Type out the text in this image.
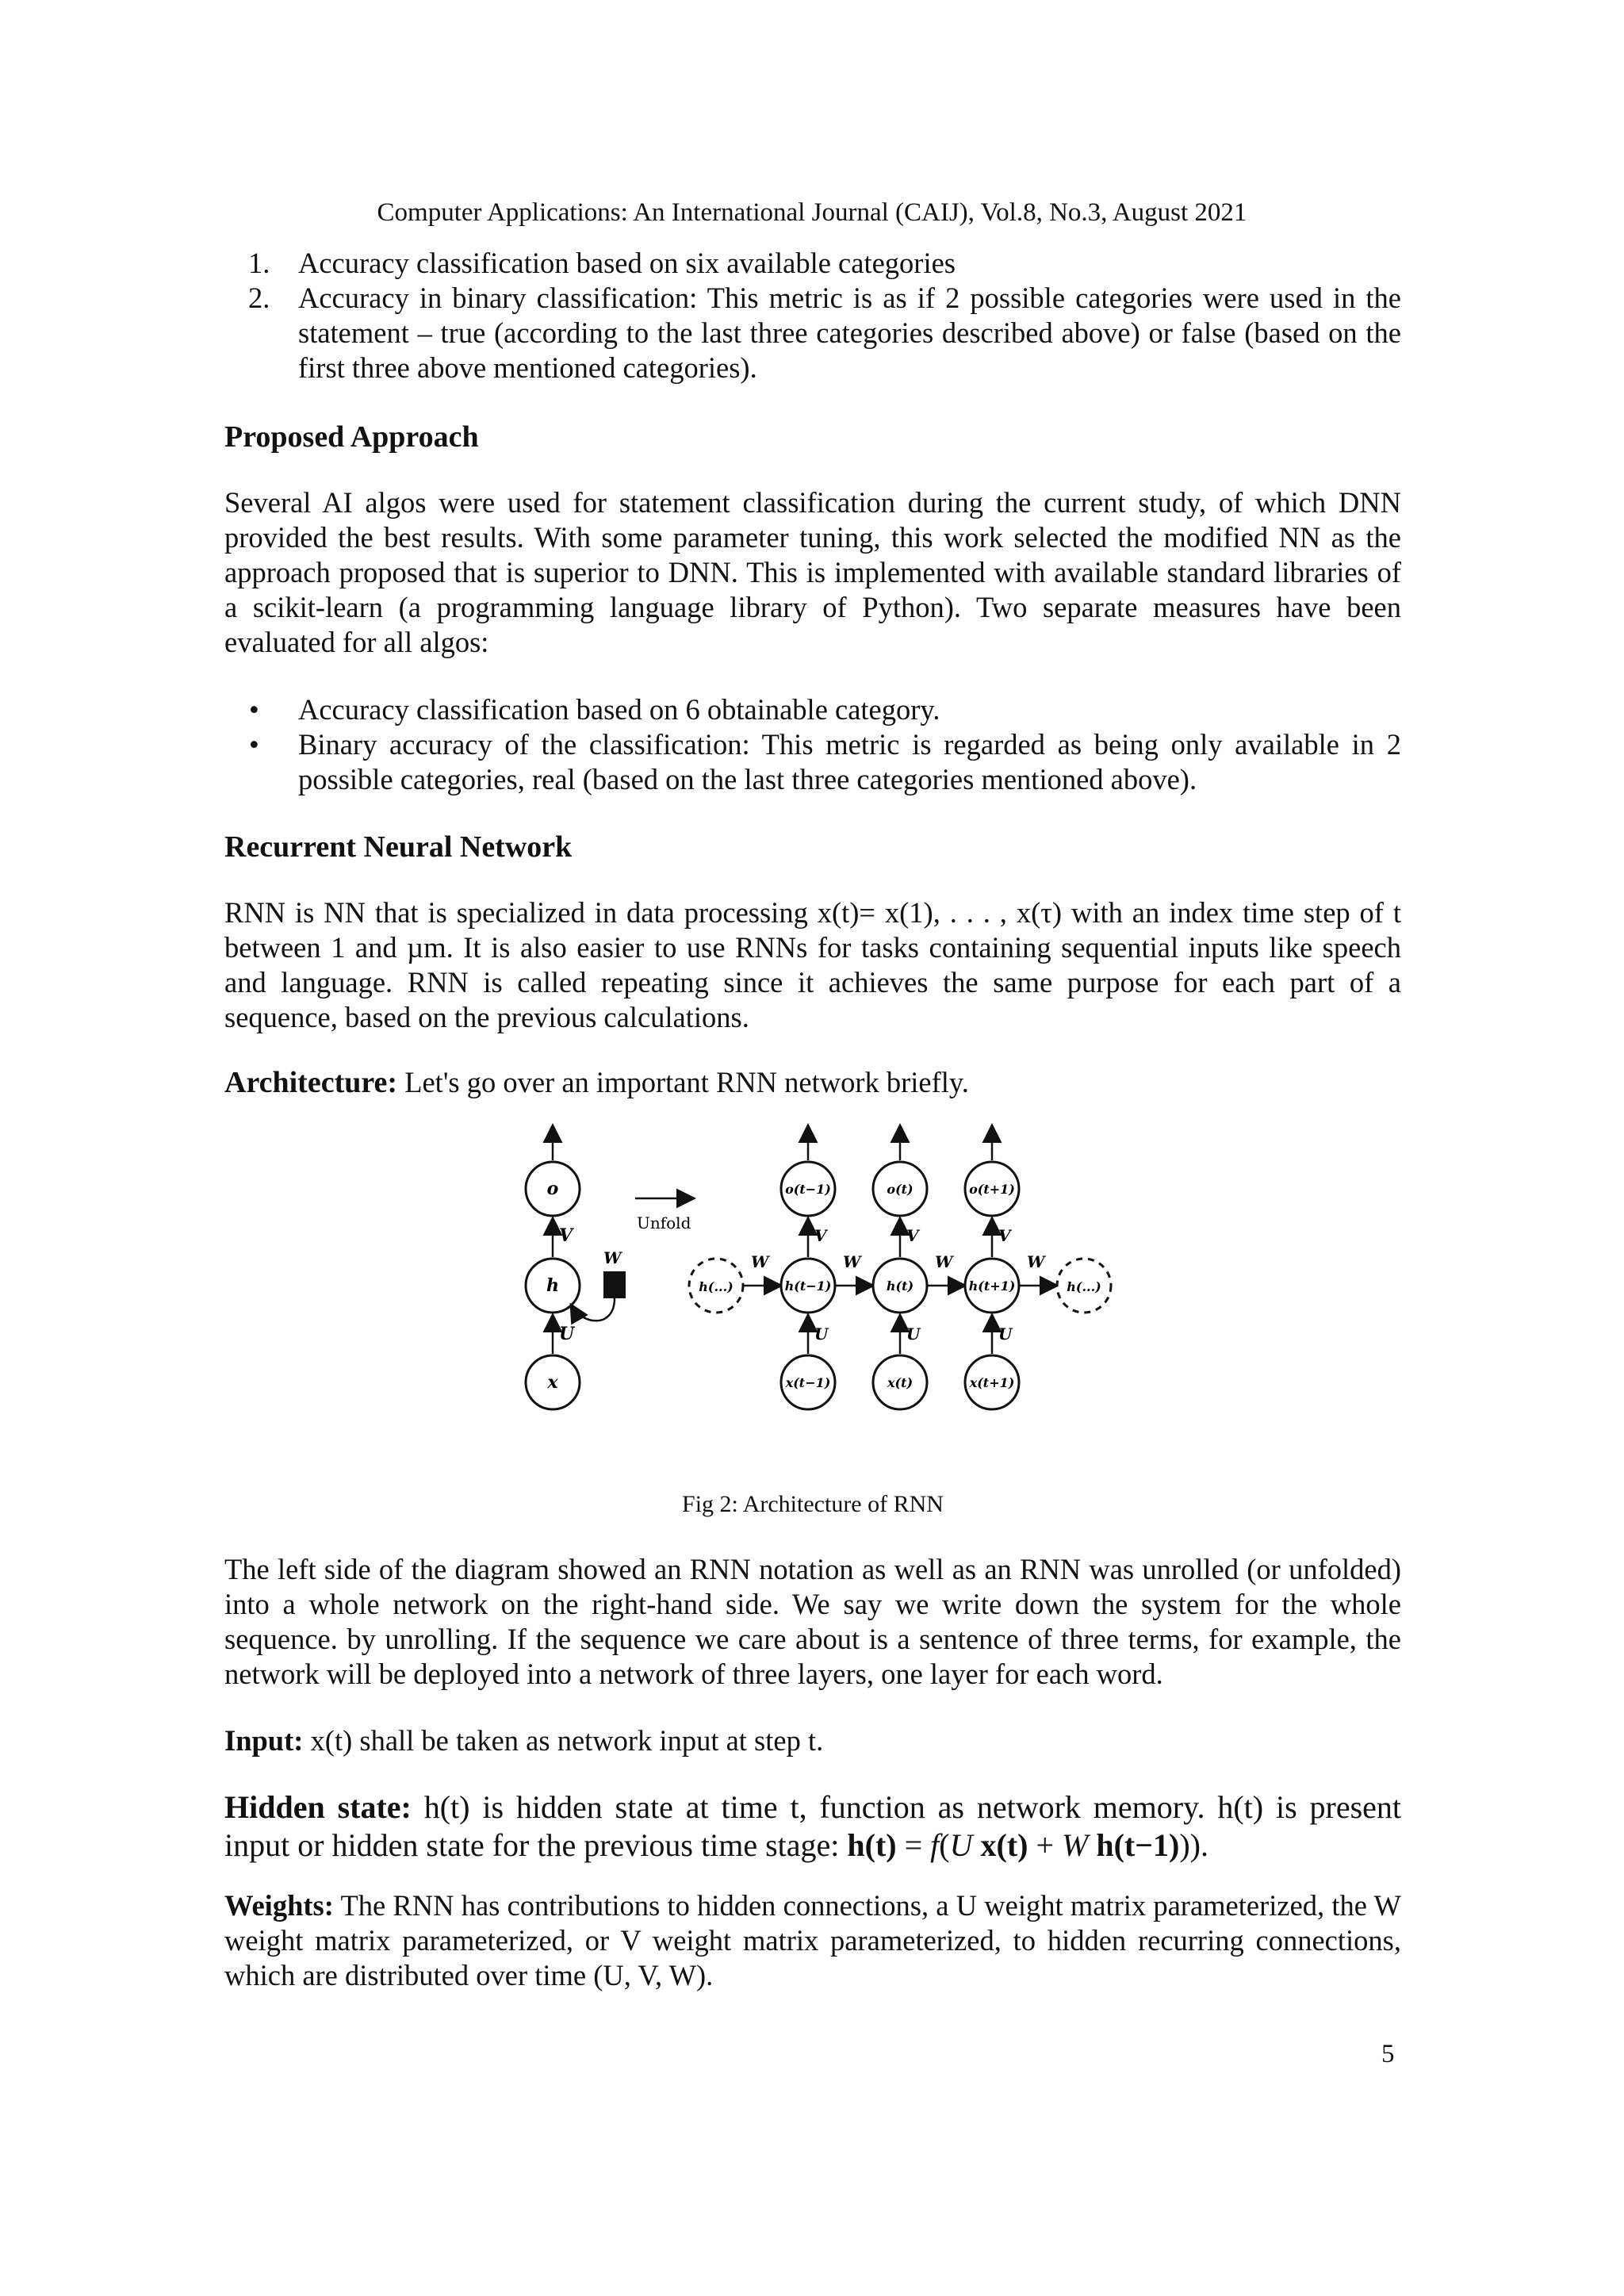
Computer Applications: An International Journal (CAIJ), Vol.8, No.3, August 2021
1. Accuracy classification based on six available categories
2. Accuracy in binary classification: This metric is as if 2 possible categories were used in the statement – true (according to the last three categories described above) or false (based on the first three above mentioned categories).
Proposed Approach

Several AI algos were used for statement classification during the current study, of which DNN provided the best results. With some parameter tuning, this work selected the modified NN as the approach proposed that is superior to DNN. This is implemented with available standard libraries of a scikit-learn (a programming language library of Python). Two separate measures have been evaluated for all algos:

• Accuracy classification based on 6 obtainable category.
• Binary accuracy of the classification: This metric is regarded as being only available in 2 possible categories, real (based on the last three categories mentioned above).
Recurrent Neural Network

RNN is NN that is specialized in data processing x(t)= x(1), . . . , x(τ) with an index time step of t between 1 and µm. It is also easier to use RNNs for tasks containing sequential inputs like speech and language. RNN is called repeating since it achieves the same purpose for each part of a sequence, based on the previous calculations.

Architecture: Let's go over an important RNN network briefly.

o
V
h
W
U
x
Unfold
h(...)
W
o(t−1)
V
h(t−1)
U
x(t−1)
W
o(t)
V
h(t)
U
x(t)
W
o(t+1)
V
h(t+1)
U
x(t+1)
W
h(...)

Fig 2: Architecture of RNN

The left side of the diagram showed an RNN notation as well as an RNN was unrolled (or unfolded) into a whole network on the right-hand side. We say we write down the system for the whole sequence. by unrolling. If the sequence we care about is a sentence of three terms, for example, the network will be deployed into a network of three layers, one layer for each word.

Input: x(t) shall be taken as network input at step t.

Hidden state: h(t) is hidden state at time t, function as network memory. h(t) is present input or hidden state for the previous time stage: h(t) = f(U x(t) + W h(t−1))).

Weights: The RNN has contributions to hidden connections, a U weight matrix parameterized, the W weight matrix parameterized, or V weight matrix parameterized, to hidden recurring connections, which are distributed over time (U, V, W).

5
